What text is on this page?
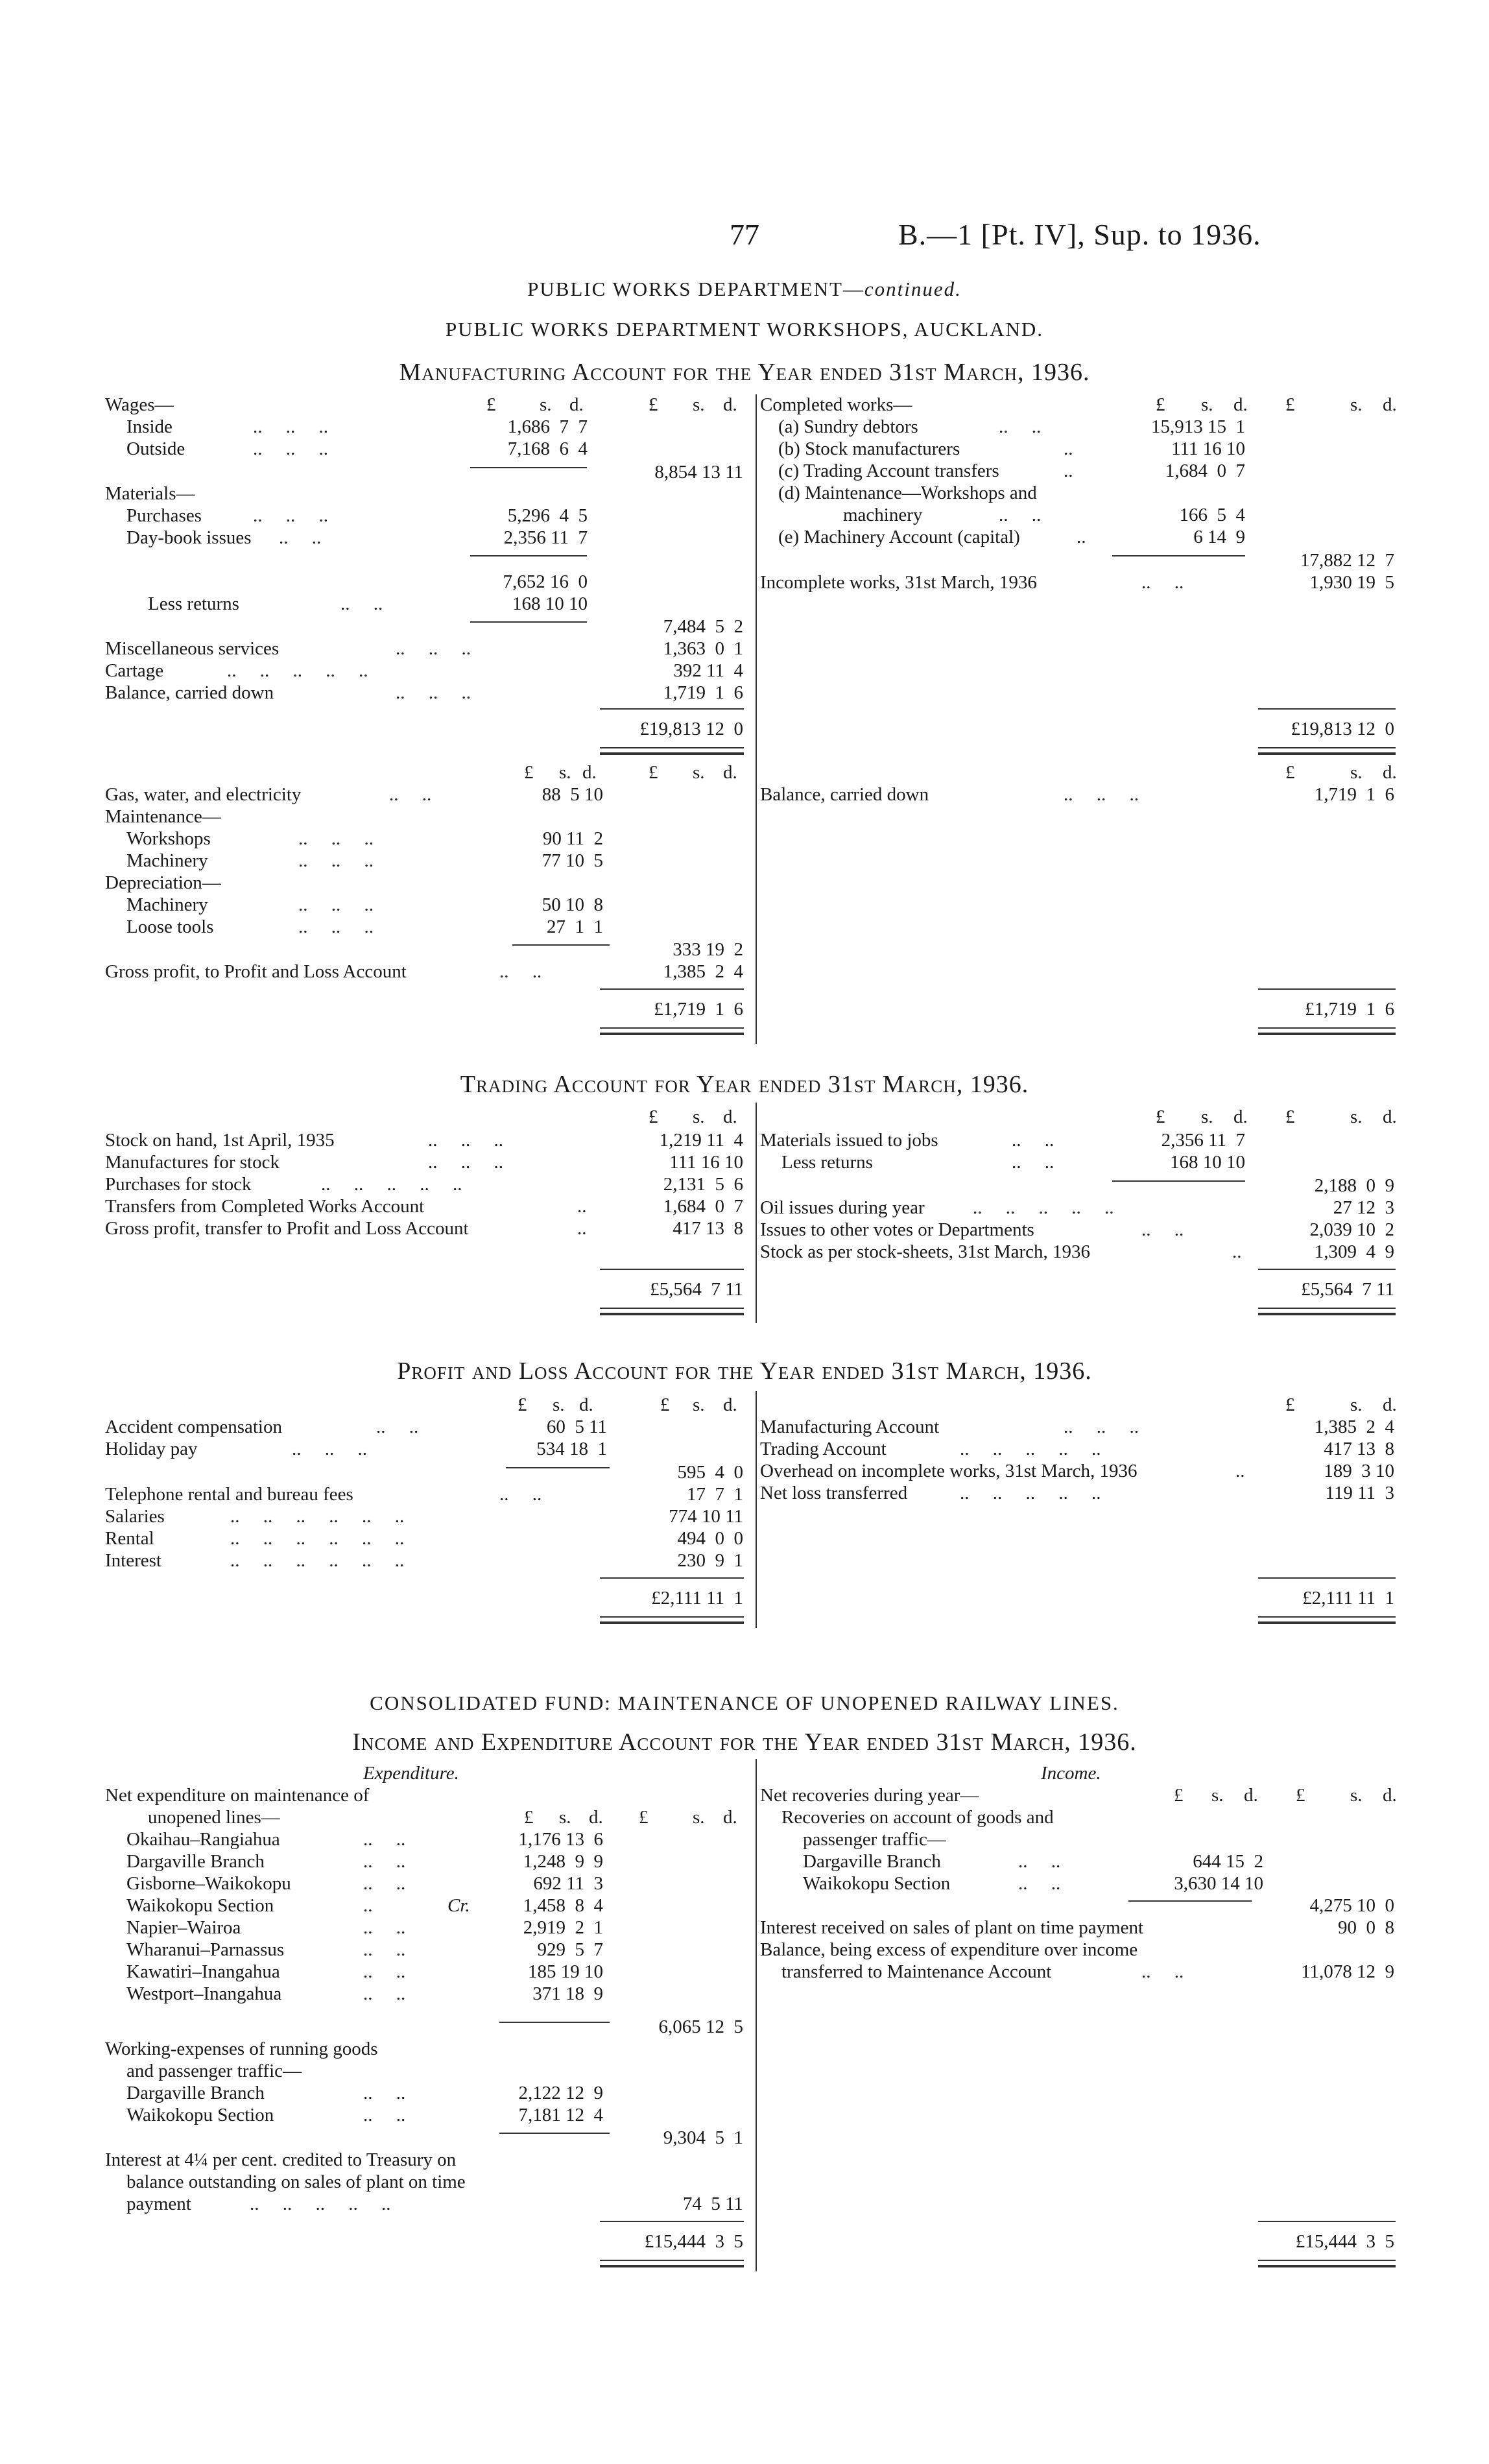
77	B.—1 [Pt. IV], Sup. to 1936.
PUBLIC WORKS DEPARTMENT—continued.
PUBLIC WORKS DEPARTMENT WORKSHOPS, AUCKLAND.
Manufacturing Account for the Year ended 31st March, 1936.
£ s. d.	£ s. d.	£ s. d. £	s. d.
Wages—
Inside	..     ..     ..	1,686  7  7
Outside	..     ..     ..	7,168  6  4
8,854 13 11
Materials—
Purchases	..     ..     ..	5,296  4  5
Day-book issues ..     ..	2,356 11  7
7,652 16  0
Less returns	..     ..	168 10 10
7,484  5  2
Miscellaneous services	..     ..     ..	1,363  0  1
Cartage	..     ..     ..     ..     ..	392 11  4
Balance, carried down	..     ..     ..	1,719  1  6
£19,813 12  0
Completed works—
(a) Sundry debtors	..     ..	15,913 15  1
(b) Stock manufacturers	..	111 16 10
(c) Trading Account transfers	..	1,684  0  7
(d) Maintenance—Workshops and
machinery	..     ..	166  5  4
(e) Machinery Account (capital)	..	6 14  9
17,882 12  7
Incomplete works, 31st March, 1936	..     ..	1,930 19  5
£19,813 12  0
£ s. d.	£ s. d.	£	s. d.
Gas, water, and electricity	..     ..	88  5 10
Maintenance—
Workshops	..     ..     ..	90 11  2
Machinery	..     ..     ..	77 10  5
Depreciation—
Machinery	..     ..     ..	50 10  8
Loose tools	..     ..     ..	27  1  1
333 19  2
Gross profit, to Profit and Loss Account	..     ..	1,385  2  4
£1,719  1  6
Balance, carried down	..     ..     ..	1,719  1  6
£1,719  1  6
Trading Account for Year ended 31st March, 1936.
£ s. d.	£ s. d. £	s. d.
Stock on hand, 1st April, 1935	..     ..     ..	1,219 11  4
Manufactures for stock	..     ..     ..	111 16 10
Purchases for stock	..     ..     ..     ..     ..	2,131  5  6
Transfers from Completed Works Account	..	1,684  0  7
Gross profit, transfer to Profit and Loss Account	..	417 13  8
£5,564  7 11
Materials issued to jobs	..     ..	2,356 11  7
Less returns	..     ..	168 10 10
2,188  0  9
Oil issues during year	..     ..     ..     ..     ..	27 12  3
Issues to other votes or Departments	..     ..	2,039 10  2
Stock as per stock-sheets, 31st March, 1936	..	1,309  4  9
£5,564  7 11
Profit and Loss Account for the Year ended 31st March, 1936.
£ s. d.	£ s. d.	£	s. d.
Accident compensation	..     ..	60  5 11
Holiday pay	..     ..     ..	534 18  1
595  4  0
Telephone rental and bureau fees	..     ..	17  7  1
Salaries	..     ..     ..     ..     ..     ..	774 10 11
Rental	..     ..     ..     ..     ..     ..	494  0  0
Interest	..     ..     ..     ..     ..     ..	230  9  1
£2,111 11  1
Manufacturing Account	..     ..     ..	1,385  2  4
Trading Account	..     ..     ..     ..     ..	417 13  8
Overhead on incomplete works, 31st March, 1936	..	189  3 10
Net loss transferred	..     ..     ..     ..     ..	119 11  3
£2,111 11  1
CONSOLIDATED FUND: MAINTENANCE OF UNOPENED RAILWAY LINES.
Income and Expenditure Account for the Year ended 31st March, 1936.
Expenditure.
Net expenditure on maintenance of
unopened lines—	£ s. d. £ s. d.
Okaihau–Rangiahua	..     ..	1,176 13  6
Dargaville Branch	..     ..	1,248  9  9
Gisborne–Waikokopu	..     ..	692 11  3
Waikokopu Section	..	Cr.	1,458  8  4
Napier–Wairoa	..     ..	2,919  2  1
Wharanui–Parnassus	..     ..	929  5  7
Kawatiri–Inangahua	..     ..	185 19 10
Westport–Inangahua	..     ..	371 18  9
6,065 12  5
Working-expenses of running goods
and passenger traffic—
Dargaville Branch	..     ..	2,122 12  9
Waikokopu Section	..     ..	7,181 12  4
9,304  5  1
Interest at 4¼ per cent. credited to Treasury on
balance outstanding on sales of plant on time
payment	..     ..     ..     ..     ..	74  5 11
£15,444  3  5
Income.
Net recoveries during year—	£ s. d. £ s. d.
Recoveries on account of goods and
passenger traffic—
Dargaville Branch	..     ..	644 15  2
Waikokopu Section	..     ..	3,630 14 10
4,275 10  0
Interest received on sales of plant on time payment	90  0  8
Balance, being excess of expenditure over income
transferred to Maintenance Account	..     ..	11,078 12  9
£15,444  3  5
